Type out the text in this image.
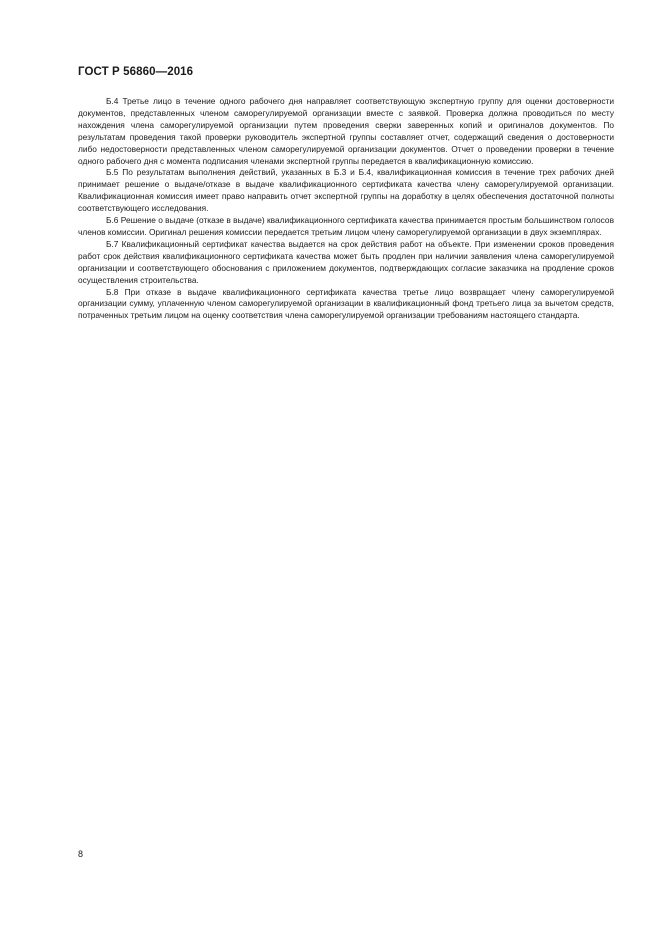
ГОСТ Р 56860—2016

Б.4 Третье лицо в течение одного рабочего дня направляет соответствующую экспертную группу для оценки достоверности документов, представленных членом саморегулируемой организации вместе с заявкой. Проверка должна проводиться по месту нахождения члена саморегулируемой организации путем проведения сверки заверенных копий и оригиналов документов. По результатам проведения такой проверки руководитель экспертной группы составляет отчет, содержащий сведения о достоверности либо недостоверности представленных членом саморегулируемой организации документов. Отчет о проведении проверки в течение одного рабочего дня с момента подписания членами экспертной группы передается в квалификационную комиссию.

Б.5 По результатам выполнения действий, указанных в Б.3 и Б.4, квалификационная комиссия в течение трех рабочих дней принимает решение о выдаче/отказе в выдаче квалификационного сертификата качества члену саморегулируемой организации. Квалификационная комиссия имеет право направить отчет экспертной группы на доработку в целях обеспечения достаточной полноты соответствующего исследования.

Б.6 Решение о выдаче (отказе в выдаче) квалификационного сертификата качества принимается простым большинством голосов членов комиссии. Оригинал решения комиссии передается третьим лицом члену саморегулируемой организации в двух экземплярах.

Б.7 Квалификационный сертификат качества выдается на срок действия работ на объекте. При изменении сроков проведения работ срок действия квалификационного сертификата качества может быть продлен при наличии заявления члена саморегулируемой организации и соответствующего обоснования с приложением документов, подтверждающих согласие заказчика на продление сроков осуществления строительства.

Б.8 При отказе в выдаче квалификационного сертификата качества третье лицо возвращает члену саморегулируемой организации сумму, уплаченную членом саморегулируемой организации в квалификационный фонд третьего лица за вычетом средств, потраченных третьим лицом на оценку соответствия члена саморегулируемой организации требованиям настоящего стандарта.

8
